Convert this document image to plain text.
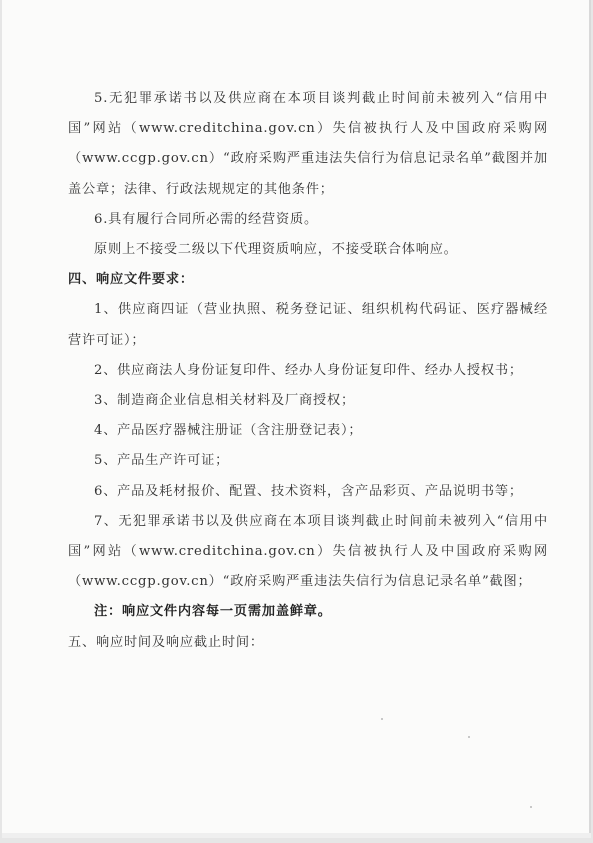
5.无犯罪承诺书以及供应商在本项目谈判截止时间前未被列入“信用中国”网站（www.creditchina.gov.cn）失信被执行人及中国政府采购网（www.ccgp.gov.cn）“政府采购严重违法失信行为信息记录名单”截图并加盖公章；法律、行政法规规定的其他条件；

6.具有履行合同所必需的经营资质。

原则上不接受二级以下代理资质响应，不接受联合体响应。

四、响应文件要求：

1、供应商四证（营业执照、税务登记证、组织机构代码证、医疗器械经营许可证）；

2、供应商法人身份证复印件、经办人身份证复印件、经办人授权书；

3、制造商企业信息相关材料及厂商授权；

4、产品医疗器械注册证（含注册登记表）；

5、产品生产许可证；

6、产品及耗材报价、配置、技术资料，含产品彩页、产品说明书等；

7、无犯罪承诺书以及供应商在本项目谈判截止时间前未被列入“信用中国”网站（www.creditchina.gov.cn）失信被执行人及中国政府采购网（www.ccgp.gov.cn）“政府采购严重违法失信行为信息记录名单”截图；

注：响应文件内容每一页需加盖鲜章。

五、响应时间及响应截止时间：
